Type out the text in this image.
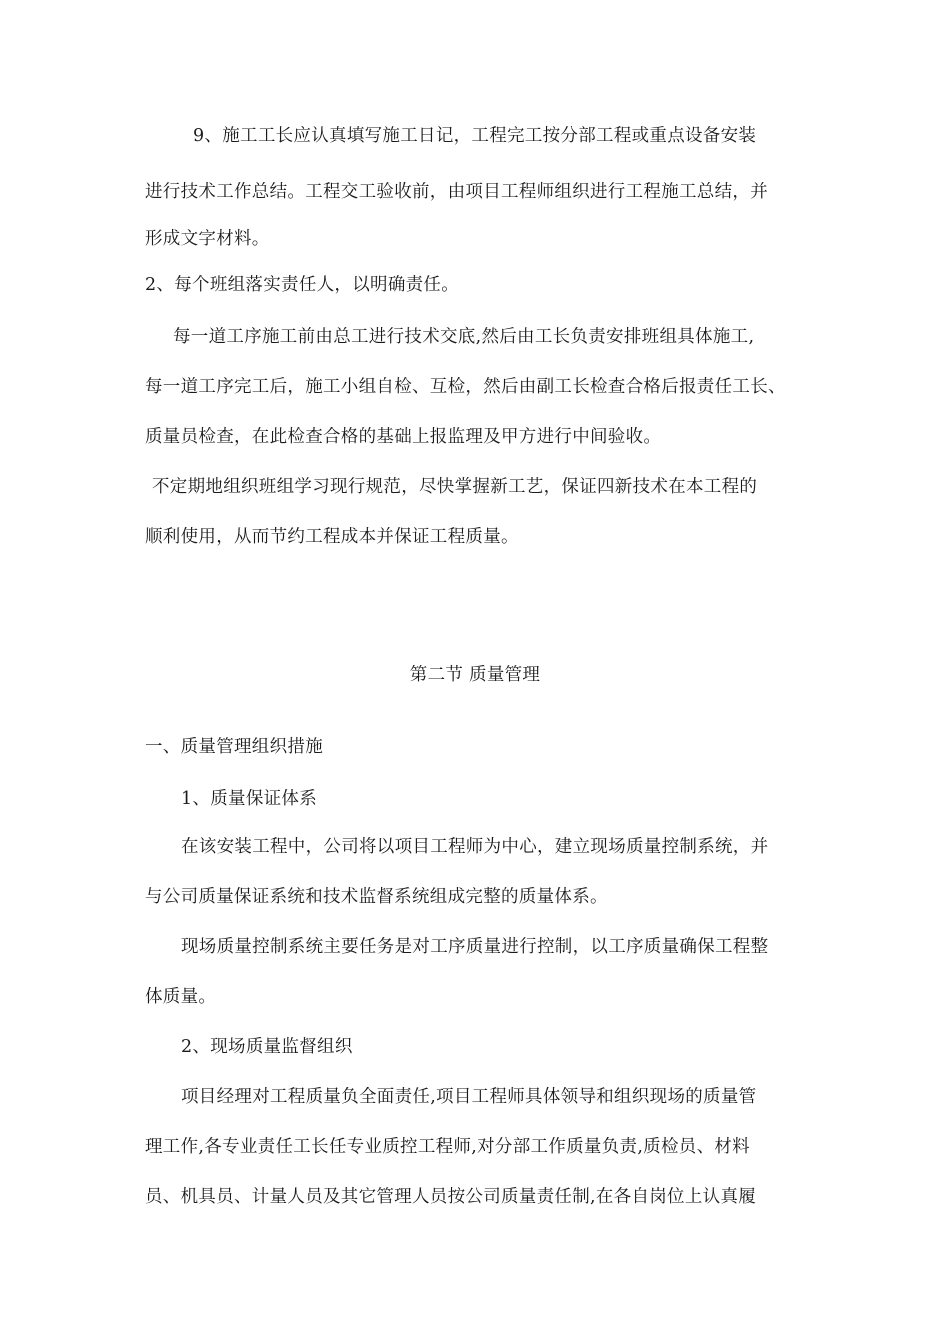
9、施工工长应认真填写施工日记，工程完工按分部工程或重点设备安装
进行技术工作总结。工程交工验收前，由项目工程师组织进行工程施工总结，并
形成文字材料。
2、每个班组落实责任人，以明确责任。
每一道工序施工前由总工进行技术交底,然后由工长负责安排班组具体施工,
每一道工序完工后，施工小组自检、互检，然后由副工长检查合格后报责任工长、
质量员检查，在此检查合格的基础上报监理及甲方进行中间验收。
不定期地组织班组学习现行规范，尽快掌握新工艺，保证四新技术在本工程的
顺利使用，从而节约工程成本并保证工程质量。
第二节 质量管理
一、质量管理组织措施
1、质量保证体系
在该安装工程中，公司将以项目工程师为中心，建立现场质量控制系统，并
与公司质量保证系统和技术监督系统组成完整的质量体系。
现场质量控制系统主要任务是对工序质量进行控制，以工序质量确保工程整
体质量。
2、现场质量监督组织
项目经理对工程质量负全面责任,项目工程师具体领导和组织现场的质量管
理工作,各专业责任工长任专业质控工程师,对分部工作质量负责,质检员、材料
员、机具员、计量人员及其它管理人员按公司质量责任制,在各自岗位上认真履
